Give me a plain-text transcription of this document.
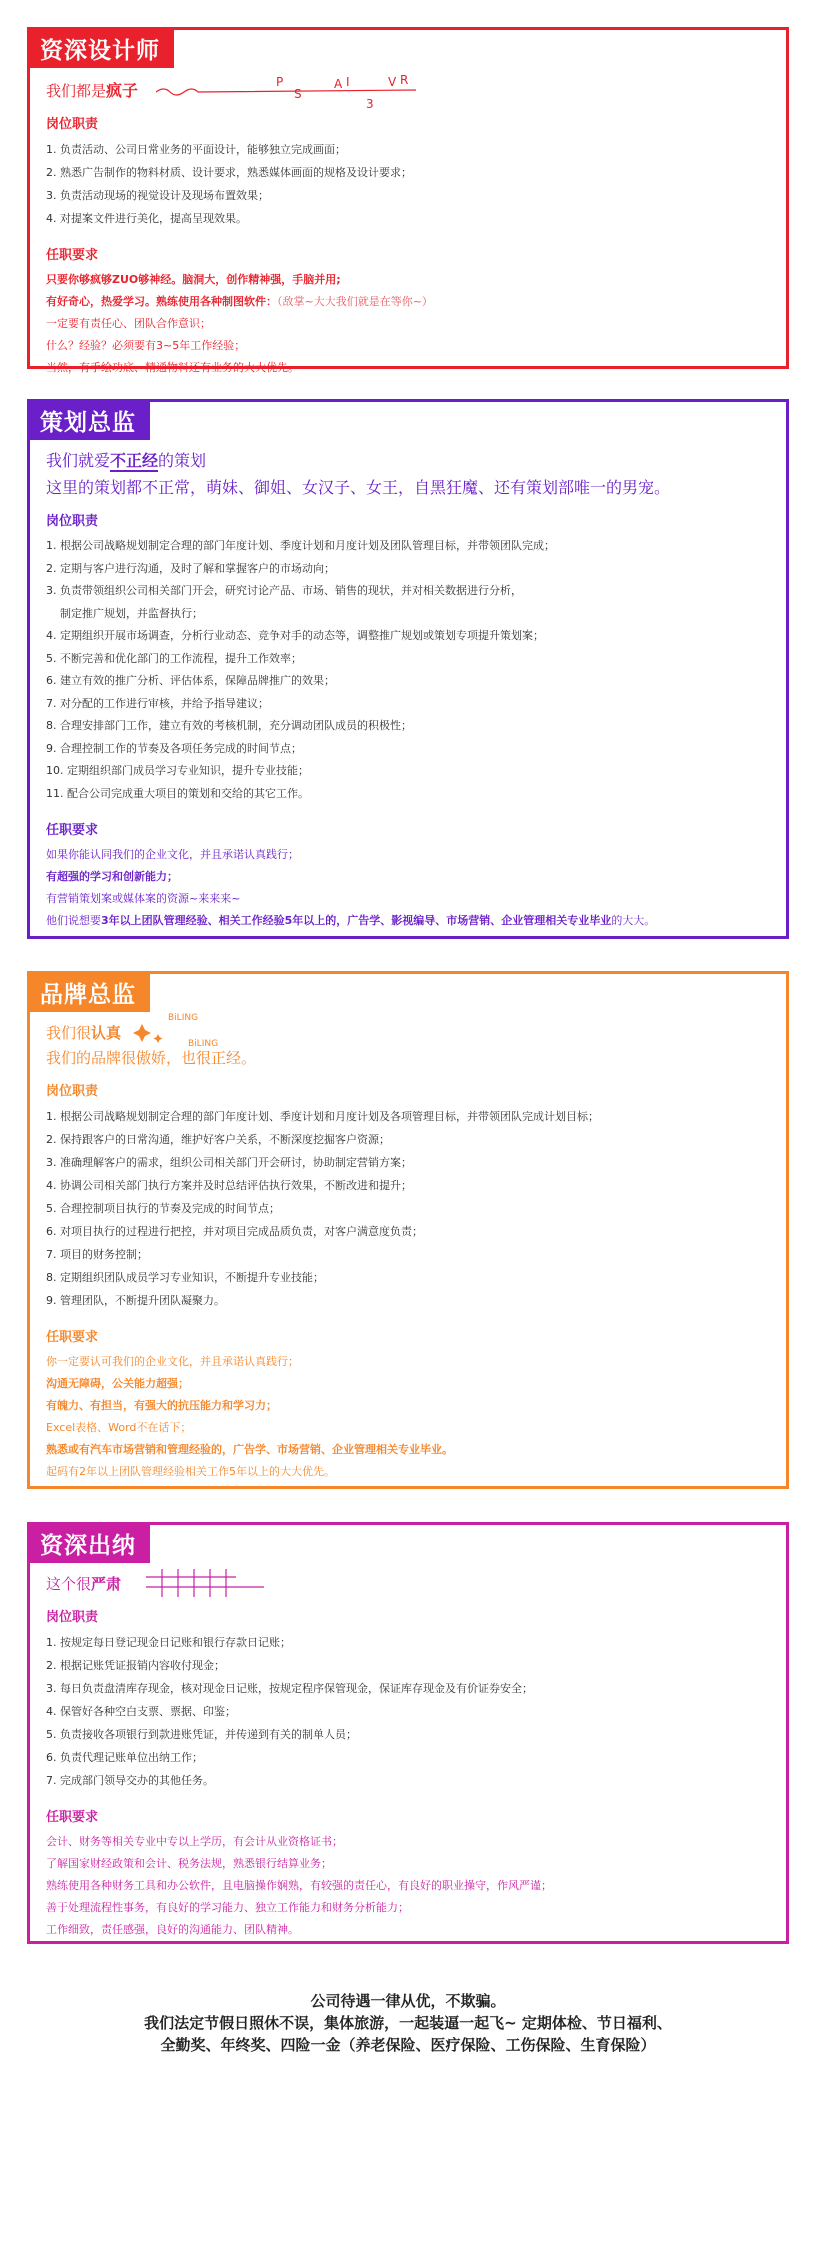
资深设计师
我们都是疯子	P
S
A I	V R
3
岗位职责
1. 负责活动、公司日常业务的平面设计，能够独立完成画面；
2. 熟悉广告制作的物料材质、设计要求，熟悉媒体画面的规格及设计要求；
3. 负责活动现场的视觉设计及现场布置效果；
4. 对提案文件进行美化，提高呈现效果。
任职要求
只要你够疯够ZUO够神经。脑洞大，创作精神强，手脑并用;
有好奇心，热爱学习。熟练使用各种制图软件：（敌掌~大大我们就是在等你~）
一定要有责任心、团队合作意识；
什么？经验？必须要有3~5年工作经验；
当然，有手绘功底、精通物料还有业务的大大优先。
策划总监
我们就爱不正经的策划
这里的策划都不正常，萌妹、御姐、女汉子、女王，自黑狂魔、还有策划部唯一的男宠。
岗位职责
1. 根据公司战略规划制定合理的部门年度计划、季度计划和月度计划及团队管理目标，并带领团队完成；
2. 定期与客户进行沟通，及时了解和掌握客户的市场动向；
3. 负责带领组织公司相关部门开会，研究讨论产品、市场、销售的现状，并对相关数据进行分析，
制定推广规划，并监督执行；
4. 定期组织开展市场调查，分析行业动态、竞争对手的动态等，调整推广规划或策划专项提升策划案；
5. 不断完善和优化部门的工作流程，提升工作效率；
6. 建立有效的推广分析、评估体系，保障品牌推广的效果；
7. 对分配的工作进行审核，并给予指导建议；
8. 合理安排部门工作，建立有效的考核机制，充分调动团队成员的积极性；
9. 合理控制工作的节奏及各项任务完成的时间节点；
10. 定期组织部门成员学习专业知识，提升专业技能；
11. 配合公司完成重大项目的策划和交给的其它工作。
任职要求
如果你能认同我们的企业文化，并且承诺认真践行；
有超强的学习和创新能力；
有营销策划案或媒体案的资源~来来来~
他们说想要3年以上团队管理经验、相关工作经验5年以上的，广告学、影视编导、市场营销、企业管理相关专业毕业的大大。
品牌总监
我们很认真
BiLING
BiLING
我们的品牌很傲娇，也很正经。
岗位职责
1. 根据公司战略规划制定合理的部门年度计划、季度计划和月度计划及各项管理目标，并带领团队完成计划目标；
2. 保持跟客户的日常沟通，维护好客户关系，不断深度挖掘客户资源；
3. 准确理解客户的需求，组织公司相关部门开会研讨，协助制定营销方案；
4. 协调公司相关部门执行方案并及时总结评估执行效果，不断改进和提升；
5. 合理控制项目执行的节奏及完成的时间节点；
6. 对项目执行的过程进行把控，并对项目完成品质负责，对客户满意度负责；
7. 项目的财务控制；
8. 定期组织团队成员学习专业知识，不断提升专业技能；
9. 管理团队，不断提升团队凝聚力。
任职要求
你一定要认可我们的企业文化，并且承诺认真践行；
沟通无障碍，公关能力超强；
有魄力、有担当，有强大的抗压能力和学习力；
Excel表格、Word不在话下；
熟悉或有汽车市场营销和管理经验的，广告学、市场营销、企业管理相关专业毕业。
起码有2年以上团队管理经验相关工作5年以上的大大优先。
资深出纳
这个很严肃
岗位职责
1. 按规定每日登记现金日记账和银行存款日记账；
2. 根据记账凭证报销内容收付现金；
3. 每日负责盘清库存现金，核对现金日记账，按规定程序保管现金，保证库存现金及有价证券安全；
4. 保管好各种空白支票、票据、印鉴；
5. 负责接收各项银行到款进账凭证，并传递到有关的制单人员；
6. 负责代理记账单位出纳工作；
7. 完成部门领导交办的其他任务。
任职要求
会计、财务等相关专业中专以上学历，有会计从业资格证书；
了解国家财经政策和会计、税务法规，熟悉银行结算业务；
熟练使用各种财务工具和办公软件，且电脑操作娴熟，有较强的责任心，有良好的职业操守，作风严谨；
善于处理流程性事务，有良好的学习能力、独立工作能力和财务分析能力；
工作细致，责任感强，良好的沟通能力、团队精神。
公司待遇一律从优，不欺骗。
我们法定节假日照休不误，集体旅游，一起装逼一起飞~ 定期体检、节日福利、
全勤奖、年终奖、四险一金（养老保险、医疗保险、工伤保险、生育保险）
